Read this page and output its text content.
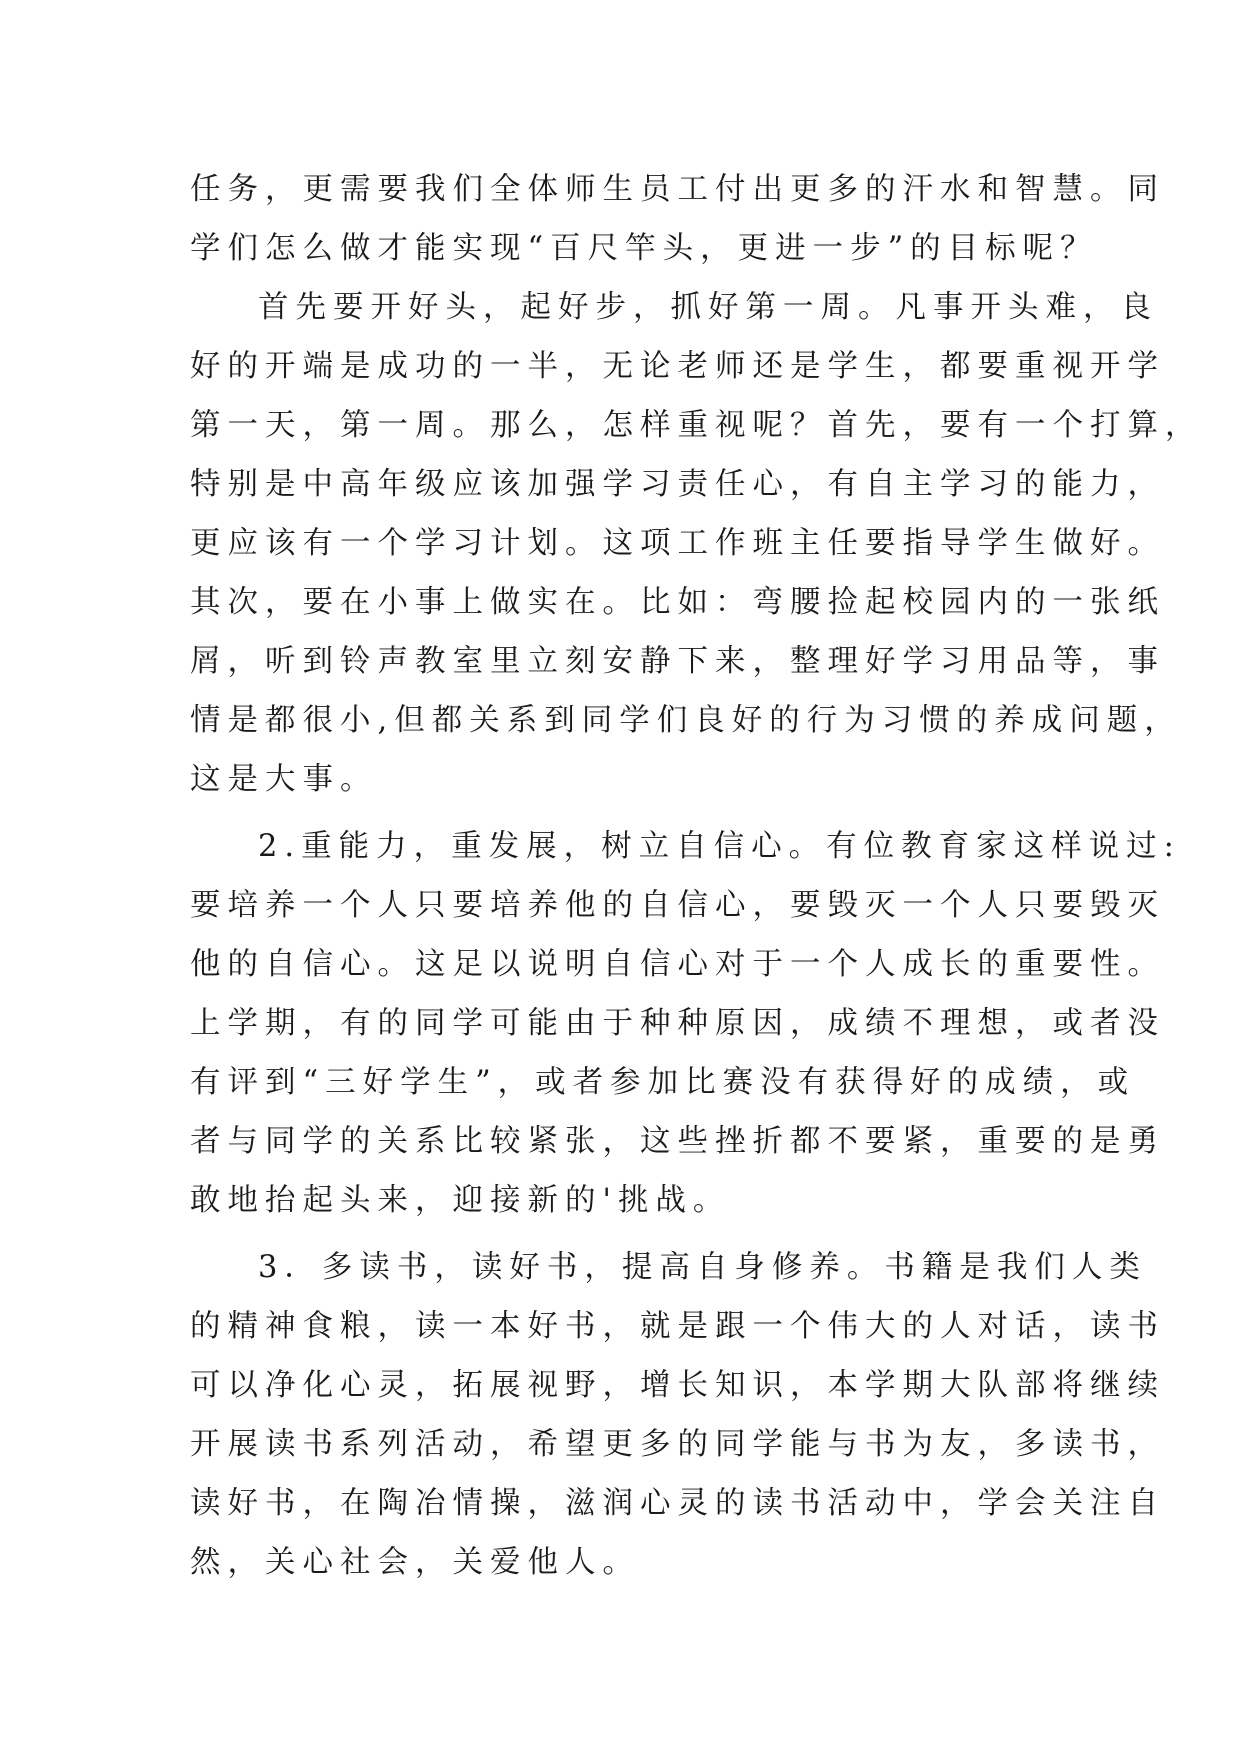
任务，更需要我们全体师生员工付出更多的汗水和智慧。同
学们怎么做才能实现“百尺竿头，更进一步”的目标呢？
首先要开好头，起好步，抓好第一周。凡事开头难，良
好的开端是成功的一半，无论老师还是学生，都要重视开学
第一天，第一周。那么，怎样重视呢？首先，要有一个打算，
特别是中高年级应该加强学习责任心，有自主学习的能力，
更应该有一个学习计划。这项工作班主任要指导学生做好。
其次，要在小事上做实在。比如：弯腰捡起校园内的一张纸
屑，听到铃声教室里立刻安静下来，整理好学习用品等，事
情是都很小,但都关系到同学们良好的行为习惯的养成问题，
这是大事。
2.重能力，重发展，树立自信心。有位教育家这样说过:
要培养一个人只要培养他的自信心，要毁灭一个人只要毁灭
他的自信心。这足以说明自信心对于一个人成长的重要性。
上学期，有的同学可能由于种种原因，成绩不理想，或者没
有评到“三好学生”，或者参加比赛没有获得好的成绩，或
者与同学的关系比较紧张，这些挫折都不要紧，重要的是勇
敢地抬起头来，迎接新的'挑战。
3．多读书，读好书，提高自身修养。书籍是我们人类
的精神食粮，读一本好书，就是跟一个伟大的人对话，读书
可以净化心灵，拓展视野，增长知识，本学期大队部将继续
开展读书系列活动，希望更多的同学能与书为友，多读书，
读好书，在陶冶情操，滋润心灵的读书活动中，学会关注自
然，关心社会，关爱他人。
